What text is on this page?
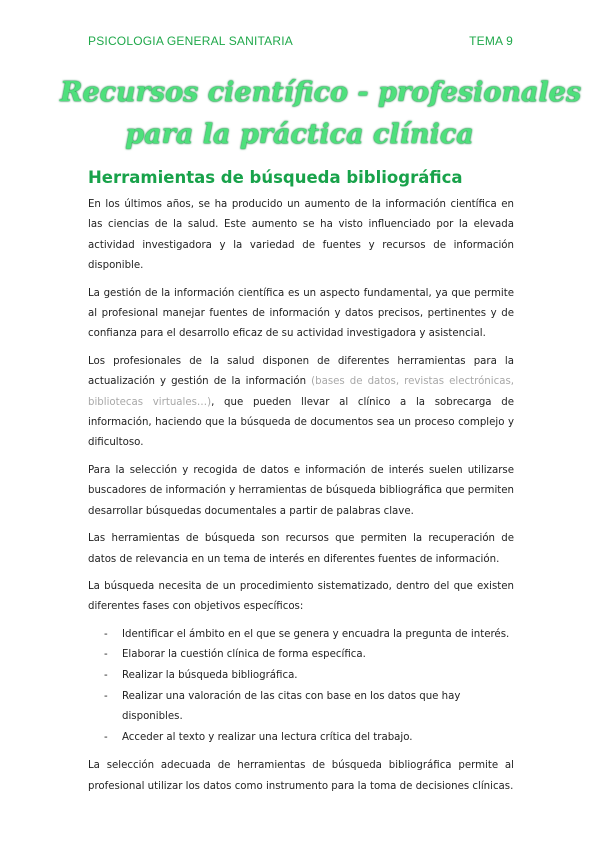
PSICOLOGIA GENERAL SANITARIA	TEMA 9
Recursos científico - profesionales
para la práctica clínica
Herramientas de búsqueda bibliográfica

En los últimos años, se ha producido un aumento de la información científica en las ciencias de la salud. Este aumento se ha visto influenciado por la elevada actividad investigadora y la variedad de fuentes y recursos de información disponible.

La gestión de la información científica es un aspecto fundamental, ya que permite al profesional manejar fuentes de información y datos precisos, pertinentes y de confianza para el desarrollo eficaz de su actividad investigadora y asistencial.

Los profesionales de la salud disponen de diferentes herramientas para la actualización y gestión de la información (bases de datos, revistas electrónicas, bibliotecas virtuales…), que pueden llevar al clínico a la sobrecarga de información, haciendo que la búsqueda de documentos sea un proceso complejo y dificultoso.

Para la selección y recogida de datos e información de interés suelen utilizarse buscadores de información y herramientas de búsqueda bibliográfica que permiten desarrollar búsquedas documentales a partir de palabras clave.

Las herramientas de búsqueda son recursos que permiten la recuperación de datos de relevancia en un tema de interés en diferentes fuentes de información.

La búsqueda necesita de un procedimiento sistematizado, dentro del que existen diferentes fases con objetivos específicos:

- Identificar el ámbito en el que se genera y encuadra la pregunta de interés.
- Elaborar la cuestión clínica de forma específica.
- Realizar la búsqueda bibliográfica.
- Realizar una valoración de las citas con base en los datos que hay disponibles.
- Acceder al texto y realizar una lectura crítica del trabajo.

La selección adecuada de herramientas de búsqueda bibliográfica permite al profesional utilizar los datos como instrumento para la toma de decisiones clínicas.
